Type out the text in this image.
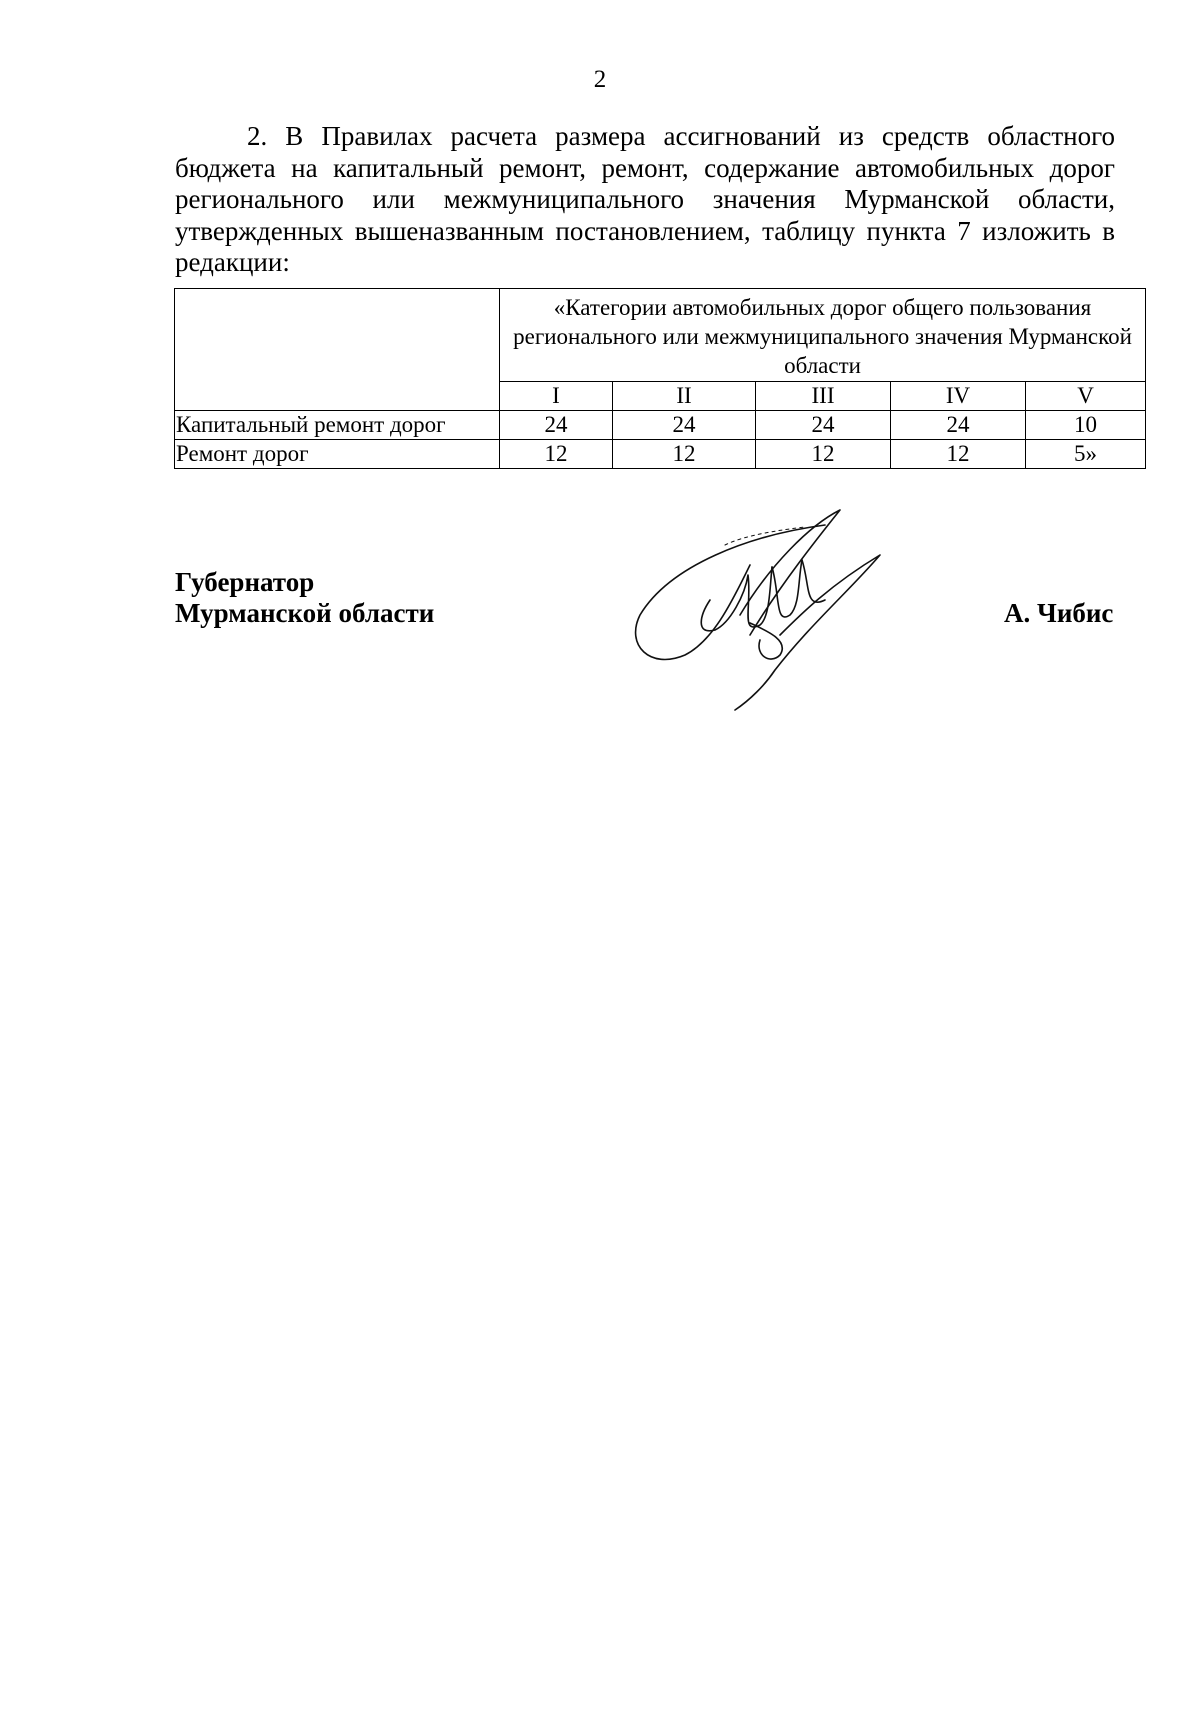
2
2. В Правилах расчета размера ассигнований из средств областного бюджета на капитальный ремонт, ремонт, содержание автомобильных дорог регионального или межмуниципального значения Мурманской области, утвержденных вышеназванным постановлением, таблицу пункта 7 изложить в редакции:
	«Категории автомобильных дорог общего пользования регионального или межмуниципального значения Мурманской области				
	I	II	III	IV	V
Капитальный ремонт дорог	24	24	24	24	10
Ремонт дорог	12	12	12	12	5»
Губернатор
Мурманской области	А. Чибис
